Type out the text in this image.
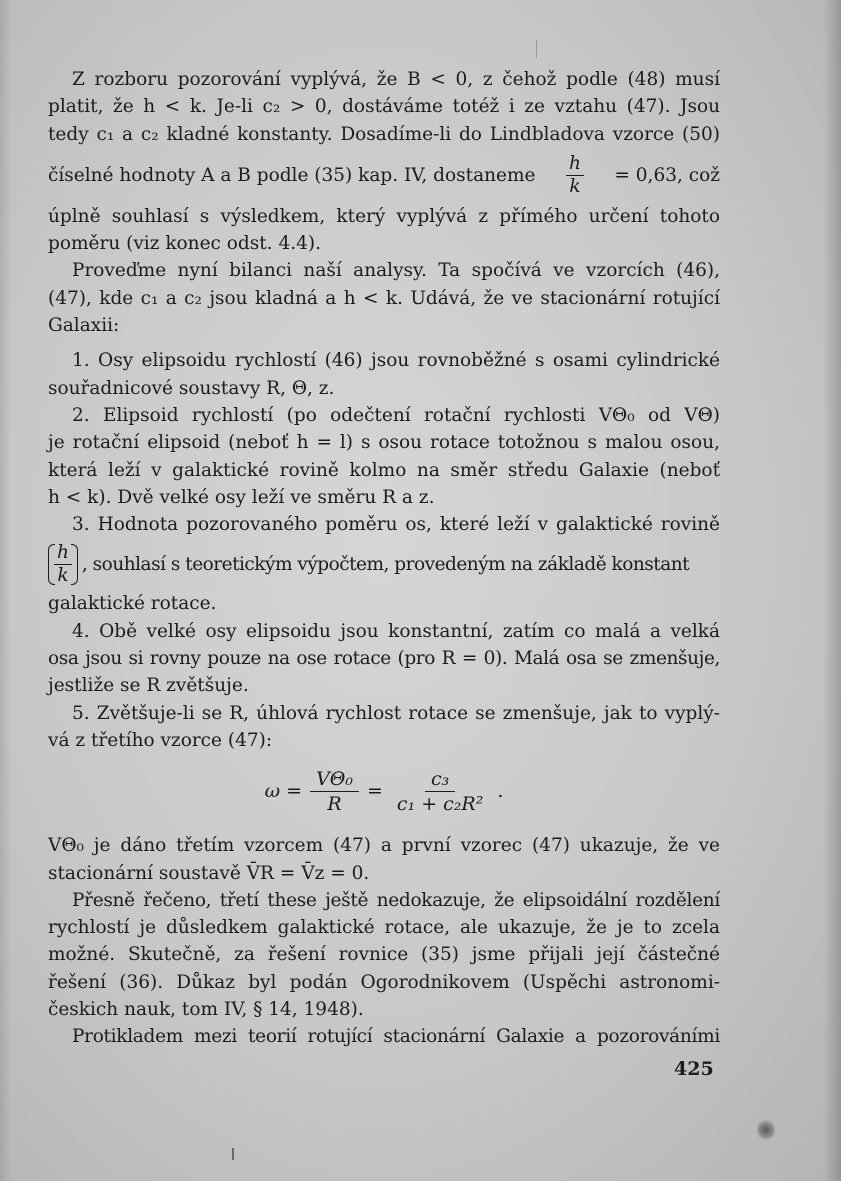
Z rozboru pozorování vyplývá, že B < 0, z čehož podle (48) musí
platit, že h < k. Je-li c₂ > 0, dostáváme totéž i ze vztahu (47). Jsou
tedy c₁ a c₂ kladné konstanty. Dosadíme-li do Lindbladova vzorce (50)

číselné hodnoty A a B podle (35) kap. IV, dostaneme $\frac{h}{k} = 0,63$, což

úplně souhlasí s výsledkem, který vyplývá z přímého určení tohoto
poměru (viz konec odst. 4.4).

Proveďme nyní bilanci naší analysy. Ta spočívá ve vzorcích (46),
(47), kde c₁ a c₂ jsou kladná a h < k. Udává, že ve stacionární rotující
Galaxii:

1. Osy elipsoidu rychlostí (46) jsou rovnoběžné s osami cylindrické
souřadnicové soustavy R, Θ, z.

2. Elipsoid rychlostí (po odečtení rotační rychlosti VΘ₀ od VΘ)
je rotační elipsoid (neboť h = l) s osou rotace totožnou s malou osou,
která leží v galaktické rovině kolmo na směr středu Galaxie (neboť
h < k). Dvě velké osy leží ve směru R a z.

3. Hodnota pozorovaného poměru os, které leží v galaktické rovině

$\frac{h}{k}$ , souhlasí s teoretickým výpočtem, provedeným na základě konstant

galaktické rotace.

4. Obě velké osy elipsoidu jsou konstantní, zatím co malá a velká
osa jsou si rovny pouze na ose rotace (pro R = 0). Malá osa se zmenšuje,
jestliže se R zvětšuje.

5. Zvětšuje-li se R, úhlová rychlost rotace se zmenšuje, jak to vyplý-
vá z třetího vzorce (47):

$\omega = \frac{\text{VΘ₀}}{R} = \frac{\text{c₃}}{\text{c₁ + c₂R²}}$ .

VΘ₀ je dáno třetím vzorcem (47) a první vzorec (47) ukazuje, že ve
stacionární soustavě V̄R = V̄z = 0.

Přesně řečeno, třetí these ještě nedokazuje, že elipsoidální rozdělení
rychlostí je důsledkem galaktické rotace, ale ukazuje, že je to zcela
možné. Skutečně, za řešení rovnice (35) jsme přijali její částečné
řešení (36). Důkaz byl podán Ogorodnikovem (Uspěchi astronomi-
českich nauk, tom IV, § 14, 1948).

Protikladem mezi teorií rotující stacionární Galaxie a pozorováními

425
